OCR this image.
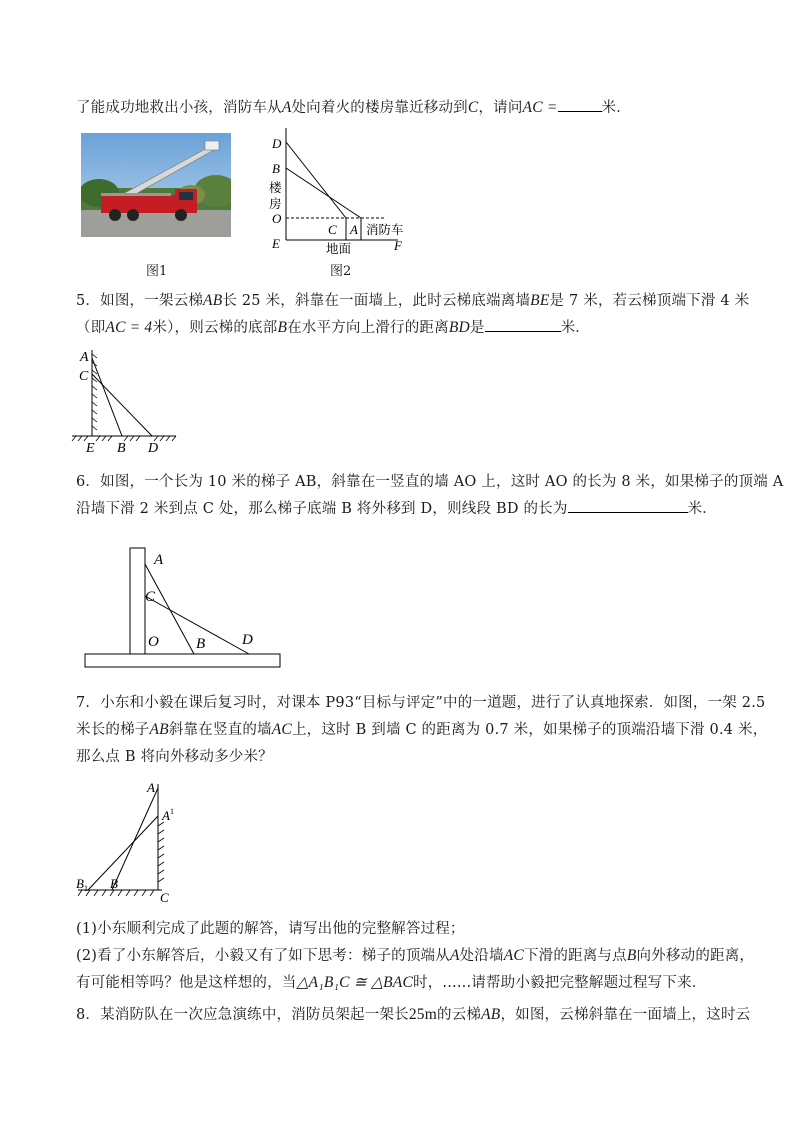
了能成功地救出小孩，消防车从A处向着火的楼房靠近移动到C，请问AC =	米．
图1
D
B
O
E
C A
F
楼
房
消防车
地面
图2
5．如图，一架云梯AB长 25 米，斜靠在一面墙上，此时云梯底端离墙BE是 7 米，若云梯顶端下滑 4 米
（即AC = 4米），则云梯的底部B在水平方向上滑行的距离BD是	米．
A
C
E B D
6．如图，一个长为 10 米的梯子 AB，斜靠在一竖直的墙 AO 上，这时 AO 的长为 8 米，如果梯子的顶端 A
沿墙下滑 2 米到点 C 处，那么梯子底端 B 将外移到 D，则线段 BD 的长为	米．
A
C
O B D
7．小东和小毅在课后复习时，对课本 P93“目标与评定”中的一道题，进行了认真地探索．如图，一架 2.5
米长的梯子AB斜靠在竖直的墙AC上，这时 B 到墙 C 的距离为 0.7 米，如果梯子的顶端沿墙下滑 0.4 米，
那么点 B 将向外移动多少米？
A
$A^1$
$B_1$ B
C
(1)小东顺利完成了此题的解答，请写出他的完整解答过程；
(2)看了小东解答后，小毅又有了如下思考：梯子的顶端从A处沿墙AC下滑的距离与点B向外移动的距离，
有可能相等吗？他是这样想的，当△A₁B₁C ≅ △BAC时，......请帮助小毅把完整解题过程写下来．
8．某消防队在一次应急演练中，消防员架起一架长25m的云梯AB，如图，云梯斜靠在一面墙上，这时云
